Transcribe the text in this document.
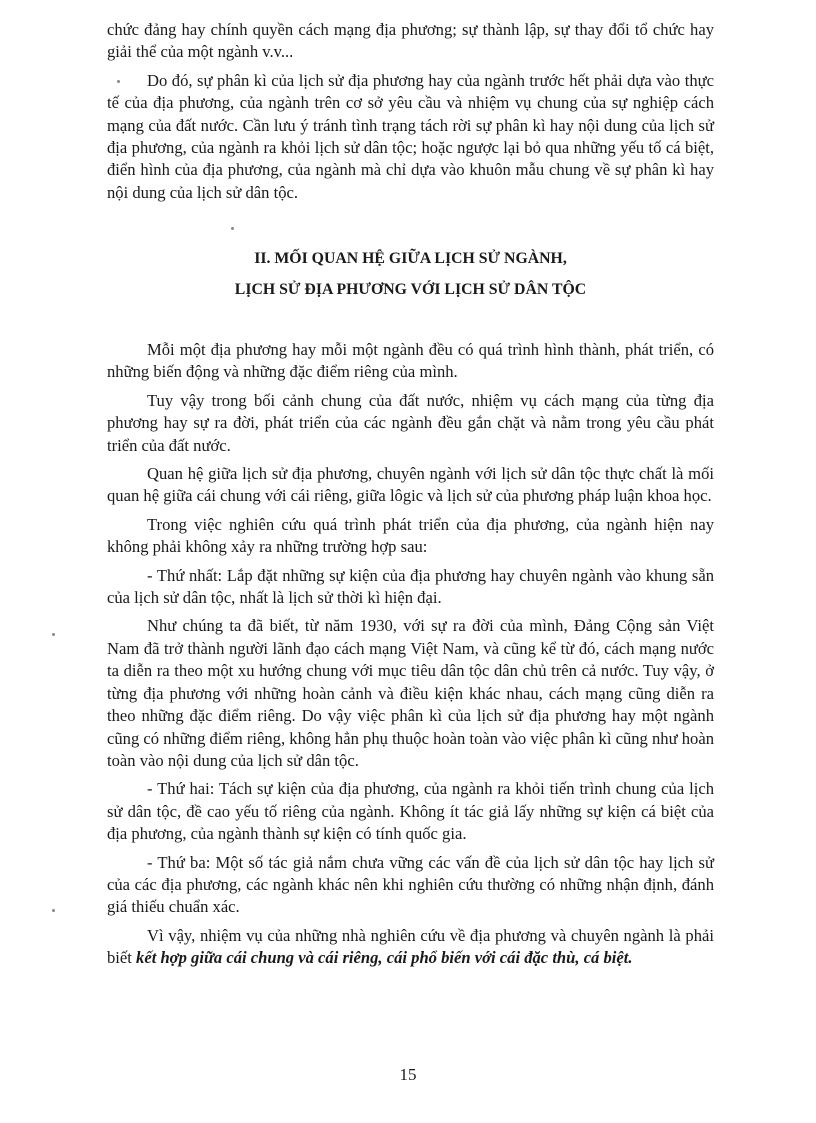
chức đảng hay chính quyền cách mạng địa phương; sự thành lập, sự thay đổi tổ chức hay giải thể của một ngành v.v...

Do đó, sự phân kì của lịch sử địa phương hay của ngành trước hết phải dựa vào thực tế của địa phương, của ngành trên cơ sở yêu cầu và nhiệm vụ chung của sự nghiệp cách mạng của đất nước. Cần lưu ý tránh tình trạng tách rời sự phân kì hay nội dung của lịch sử địa phương, của ngành ra khỏi lịch sử dân tộc; hoặc ngược lại bỏ qua những yếu tố cá biệt, điển hình của địa phương, của ngành mà chỉ dựa vào khuôn mẫu chung về sự phân kì hay nội dung của lịch sử dân tộc.

II. MỐI QUAN HỆ GIỮA LỊCH SỬ NGÀNH,

LỊCH SỬ ĐỊA PHƯƠNG VỚI LỊCH SỬ DÂN TỘC

Mỗi một địa phương hay mỗi một ngành đều có quá trình hình thành, phát triển, có những biến động và những đặc điểm riêng của mình.

Tuy vậy trong bối cảnh chung của đất nước, nhiệm vụ cách mạng của từng địa phương hay sự ra đời, phát triển của các ngành đều gắn chặt và nằm trong yêu cầu phát triển của đất nước.

Quan hệ giữa lịch sử địa phương, chuyên ngành với lịch sử dân tộc thực chất là mối quan hệ giữa cái chung với cái riêng, giữa lôgic và lịch sử của phương pháp luận khoa học.

Trong việc nghiên cứu quá trình phát triển của địa phương, của ngành hiện nay không phải không xảy ra những trường hợp sau:

- Thứ nhất: Lắp đặt những sự kiện của địa phương hay chuyên ngành vào khung sẵn của lịch sử dân tộc, nhất là lịch sử thời kì hiện đại.

Như chúng ta đã biết, từ năm 1930, với sự ra đời của mình, Đảng Cộng sản Việt Nam đã trở thành người lãnh đạo cách mạng Việt Nam, và cũng kể từ đó, cách mạng nước ta diễn ra theo một xu hướng chung với mục tiêu dân tộc dân chủ trên cả nước. Tuy vậy, ở từng địa phương với những hoàn cảnh và điều kiện khác nhau, cách mạng cũng diễn ra theo những đặc điểm riêng. Do vậy việc phân kì của lịch sử địa phương hay một ngành cũng có những điểm riêng, không hẳn phụ thuộc hoàn toàn vào việc phân kì cũng như hoàn toàn vào nội dung của lịch sử dân tộc.

- Thứ hai: Tách sự kiện của địa phương, của ngành ra khỏi tiến trình chung của lịch sử dân tộc, đề cao yếu tố riêng của ngành. Không ít tác giả lấy những sự kiện cá biệt của địa phương, của ngành thành sự kiện có tính quốc gia.

- Thứ ba: Một số tác giả nắm chưa vững các vấn đề của lịch sử dân tộc hay lịch sử của các địa phương, các ngành khác nên khi nghiên cứu thường có những nhận định, đánh giá thiếu chuẩn xác.

Vì vậy, nhiệm vụ của những nhà nghiên cứu về địa phương và chuyên ngành là phải biết kết hợp giữa cái chung và cái riêng, cái phổ biến với cái đặc thù, cá biệt.

15
